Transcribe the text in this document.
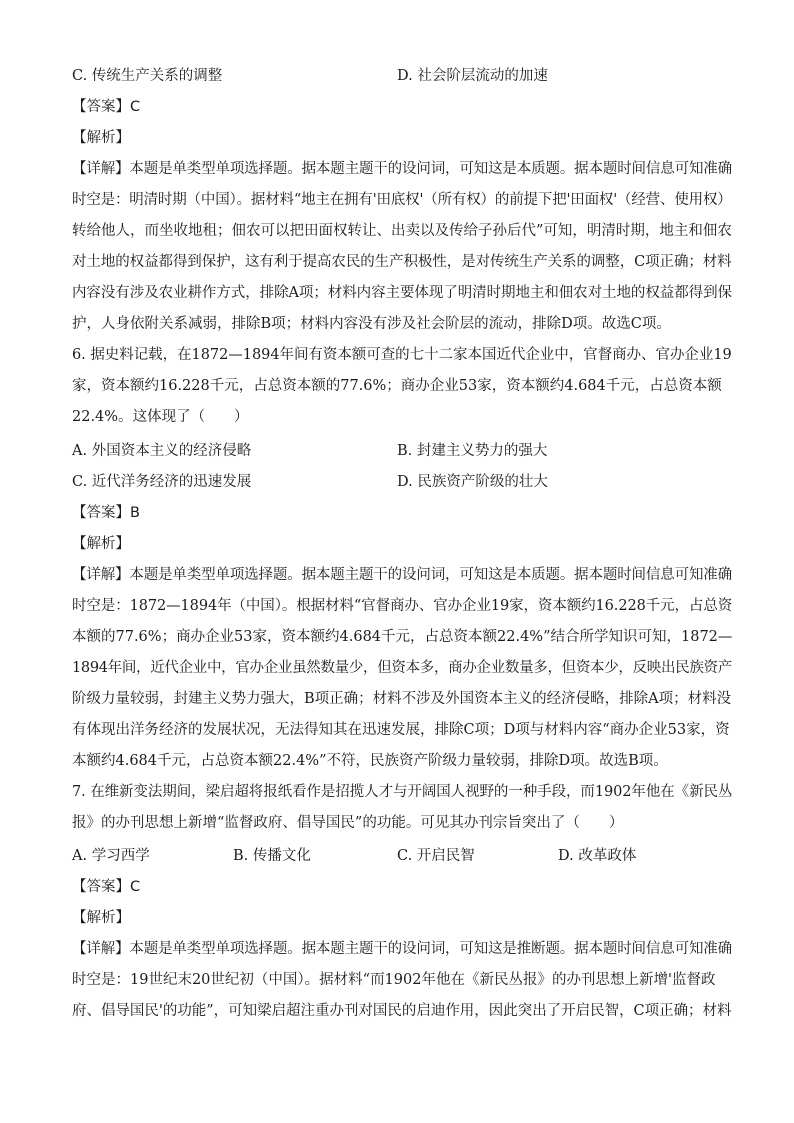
C. 传统生产关系的调整	D. 社会阶层流动的加速
【答案】C
【解析】
【详解】本题是单类型单项选择题。据本题主题干的设问词，可知这是本质题。据本题时间信息可知准确
时空是：明清时期（中国）。据材料“地主在拥有'田底权'（所有权）的前提下把'田面权'（经营、使用权）
转给他人，而坐收地租；佃农可以把田面权转让、出卖以及传给子孙后代”可知，明清时期，地主和佃农
对土地的权益都得到保护，这有利于提高农民的生产积极性，是对传统生产关系的调整，C项正确；材料
内容没有涉及农业耕作方式，排除A项；材料内容主要体现了明清时期地主和佃农对土地的权益都得到保
护，人身依附关系减弱，排除B项；材料内容没有涉及社会阶层的流动，排除D项。故选C项。
6. 据史料记载，在1872—1894年间有资本额可查的七十二家本国近代企业中，官督商办、官办企业19
家，资本额约16.228千元，占总资本额的77.6%；商办企业53家，资本额约4.684千元，占总资本额
22.4%。这体现了（　　）
A. 外国资本主义的经济侵略	B. 封建主义势力的强大
C. 近代洋务经济的迅速发展	D. 民族资产阶级的壮大
【答案】B
【解析】
【详解】本题是单类型单项选择题。据本题主题干的设问词，可知这是本质题。据本题时间信息可知准确
时空是：1872—1894年（中国）。根据材料“官督商办、官办企业19家，资本额约16.228千元，占总资
本额的77.6%；商办企业53家，资本额约4.684千元，占总资本额22.4%”结合所学知识可知，1872—
1894年间，近代企业中，官办企业虽然数量少，但资本多，商办企业数量多，但资本少，反映出民族资产
阶级力量较弱，封建主义势力强大，B项正确；材料不涉及外国资本主义的经济侵略，排除A项；材料没
有体现出洋务经济的发展状况，无法得知其在迅速发展，排除C项；D项与材料内容“商办企业53家，资
本额约4.684千元，占总资本额22.4%”不符，民族资产阶级力量较弱，排除D项。故选B项。
7. 在维新变法期间，梁启超将报纸看作是招揽人才与开阔国人视野的一种手段，而1902年他在《新民丛
报》的办刊思想上新增“监督政府、倡导国民”的功能。可见其办刊宗旨突出了（　　）
A. 学习西学	B. 传播文化	C. 开启民智	D. 改革政体
【答案】C
【解析】
【详解】本题是单类型单项选择题。据本题主题干的设问词，可知这是推断题。据本题时间信息可知准确
时空是：19世纪末20世纪初（中国）。据材料“而1902年他在《新民丛报》的办刊思想上新增'监督政
府、倡导国民'的功能”，可知梁启超注重办刊对国民的启迪作用，因此突出了开启民智，C项正确；材料
